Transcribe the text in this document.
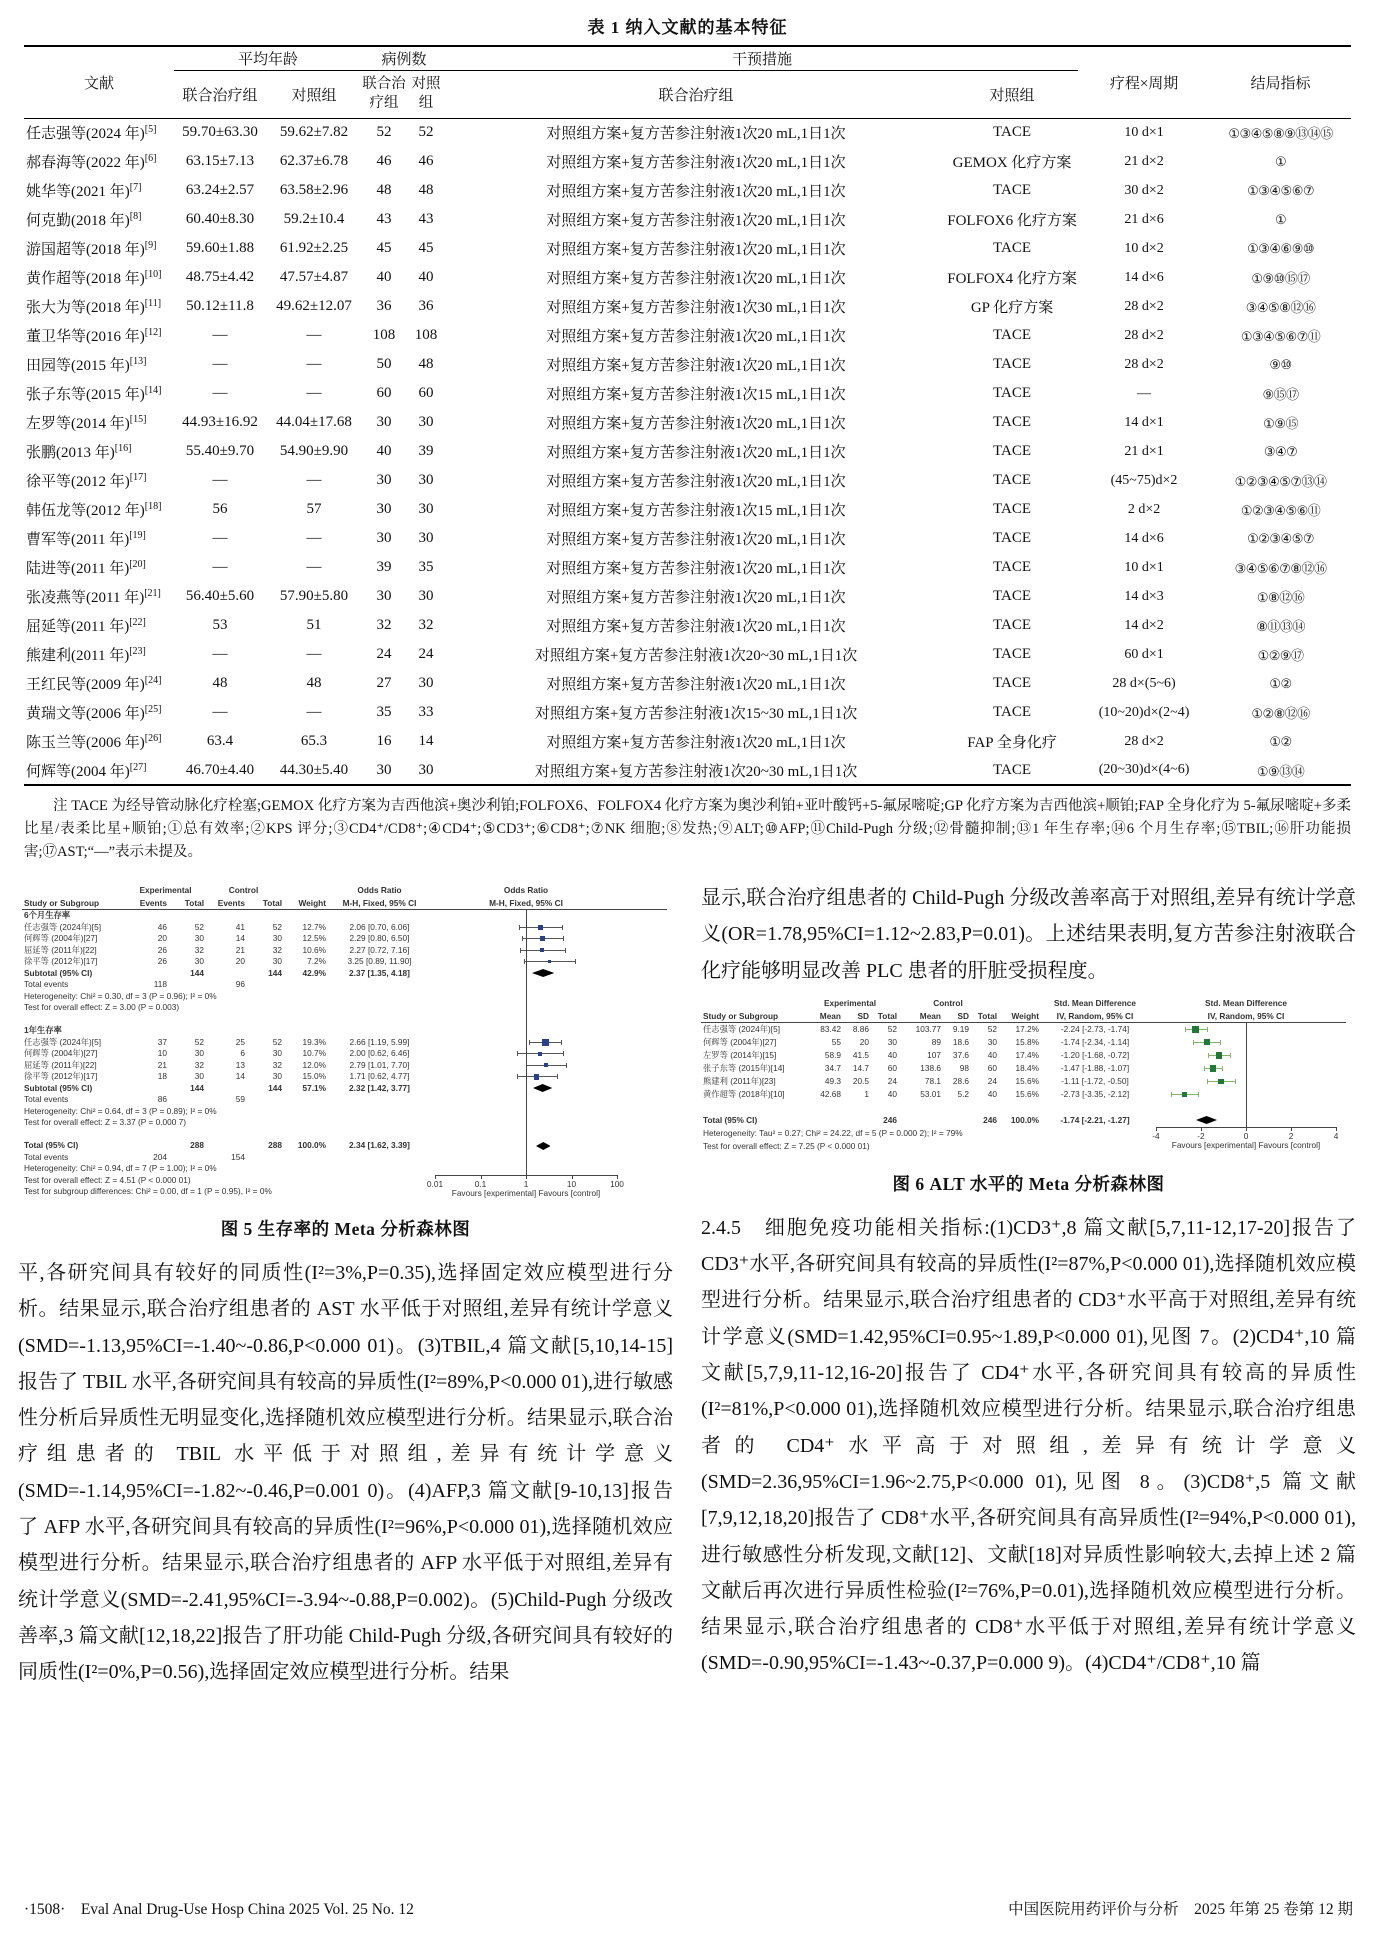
表 1 纳入文献的基本特征
文献	平均年龄		病例数		干预措施		疗程×周期	结局指标
	联合治疗组	对照组	联合治疗组	对照组	联合治疗组	对照组		
任志强等(2024 年)[5]	59.70±63.30	59.62±7.82	52	52	对照组方案+复方苦参注射液1次20 mL,1日1次	TACE	10 d×1	①③④⑤⑧⑨⑬⑭⑮
郝春海等(2022 年)[6]	63.15±7.13	62.37±6.78	46	46	对照组方案+复方苦参注射液1次20 mL,1日1次	GEMOX 化疗方案	21 d×2	①
姚华等(2021 年)[7]	63.24±2.57	63.58±2.96	48	48	对照组方案+复方苦参注射液1次20 mL,1日1次	TACE	30 d×2	①③④⑤⑥⑦
何克勤(2018 年)[8]	60.40±8.30	59.2±10.4	43	43	对照组方案+复方苦参注射液1次20 mL,1日1次	FOLFOX6 化疗方案	21 d×6	①
游国超等(2018 年)[9]	59.60±1.88	61.92±2.25	45	45	对照组方案+复方苦参注射液1次20 mL,1日1次	TACE	10 d×2	①③④⑥⑨⑩
黄作超等(2018 年)[10]	48.75±4.42	47.57±4.87	40	40	对照组方案+复方苦参注射液1次20 mL,1日1次	FOLFOX4 化疗方案	14 d×6	①⑨⑩⑮⑰
张大为等(2018 年)[11]	50.12±11.8	49.62±12.07	36	36	对照组方案+复方苦参注射液1次30 mL,1日1次	GP 化疗方案	28 d×2	③④⑤⑧⑫⑯
董卫华等(2016 年)[12]	—	—	108	108	对照组方案+复方苦参注射液1次20 mL,1日1次	TACE	28 d×2	①③④⑤⑥⑦⑪
田园等(2015 年)[13]	—	—	50	48	对照组方案+复方苦参注射液1次20 mL,1日1次	TACE	28 d×2	⑨⑩
张子东等(2015 年)[14]	—	—	60	60	对照组方案+复方苦参注射液1次15 mL,1日1次	TACE	—	⑨⑮⑰
左罗等(2014 年)[15]	44.93±16.92	44.04±17.68	30	30	对照组方案+复方苦参注射液1次20 mL,1日1次	TACE	14 d×1	①⑨⑮
张鹏(2013 年)[16]	55.40±9.70	54.90±9.90	40	39	对照组方案+复方苦参注射液1次20 mL,1日1次	TACE	21 d×1	③④⑦
徐平等(2012 年)[17]	—	—	30	30	对照组方案+复方苦参注射液1次20 mL,1日1次	TACE	(45~75)d×2	①②③④⑤⑦⑬⑭
韩伍龙等(2012 年)[18]	56	57	30	30	对照组方案+复方苦参注射液1次15 mL,1日1次	TACE	2 d×2	①②③④⑤⑥⑪
曹军等(2011 年)[19]	—	—	30	30	对照组方案+复方苦参注射液1次20 mL,1日1次	TACE	14 d×6	①②③④⑤⑦
陆进等(2011 年)[20]	—	—	39	35	对照组方案+复方苦参注射液1次20 mL,1日1次	TACE	10 d×1	③④⑤⑥⑦⑧⑫⑯
张凌燕等(2011 年)[21]	56.40±5.60	57.90±5.80	30	30	对照组方案+复方苦参注射液1次20 mL,1日1次	TACE	14 d×3	①⑧⑫⑯
屈延等(2011 年)[22]	53	51	32	32	对照组方案+复方苦参注射液1次20 mL,1日1次	TACE	14 d×2	⑧⑪⑬⑭
熊建利(2011 年)[23]	—	—	24	24	对照组方案+复方苦参注射液1次20~30 mL,1日1次	TACE	60 d×1	①②⑨⑰
王红民等(2009 年)[24]	48	48	27	30	对照组方案+复方苦参注射液1次20 mL,1日1次	TACE	28 d×(5~6)	①②
黄瑞文等(2006 年)[25]	—	—	35	33	对照组方案+复方苦参注射液1次15~30 mL,1日1次	TACE	(10~20)d×(2~4)	①②⑧⑫⑯
陈玉兰等(2006 年)[26]	63.4	65.3	16	14	对照组方案+复方苦参注射液1次20 mL,1日1次	FAP 全身化疗	28 d×2	①②
何辉等(2004 年)[27]	46.70±4.40	44.30±5.40	30	30	对照组方案+复方苦参注射液1次20~30 mL,1日1次	TACE	(20~30)d×(4~6)	①⑨⑬⑭

注 TACE 为经导管动脉化疗栓塞;GEMOX 化疗方案为吉西他滨+奥沙利铂;FOLFOX6、FOLFOX4 化疗方案为奥沙利铂+亚叶酸钙+5-氟尿嘧啶;GP 化疗方案为吉西他滨+顺铂;FAP 全身化疗为 5-氟尿嘧啶+多柔比星/表柔比星+顺铂;①总有效率;②KPS 评分;③CD4⁺/CD8⁺;④CD4⁺;⑤CD3⁺;⑥CD8⁺;⑦NK 细胞;⑧发热;⑨ALT;⑩AFP;⑪Child-Pugh 分级;⑫骨髓抑制;⑬1 年生存率;⑭6 个月生存率;⑮TBIL;⑯肝功能损害;⑰AST;“—”表示未提及。

Experimental	Control	Odds Ratio	Odds Ratio
Study or Subgroup	Events	Total	Events	Total	Weight	M-H, Fixed, 95% CI	M-H, Fixed, 95% CI
6个月生存率
任志强等 (2024年)[5]	46	52	41	52	12.7%	2.06 [0.70, 6.06]
何辉等 (2004年)[27]	20	30	14	30	12.5%	2.29 [0.80, 6.50]
屈延等 (2011年)[22]	26	32	21	32	10.6%	2.27 [0.72, 7.16]
徐平等 (2012年)[17]	26	30	20	30	7.2%	3.25 [0.89, 11.90]
Subtotal (95% CI)	144	144	42.9%	2.37 [1.35, 4.18]
Total events	118	96
Heterogeneity: Chi² = 0.30, df = 3 (P = 0.96); I² = 0%
Test for overall effect: Z = 3.00 (P = 0.003)
1年生存率
任志强等 (2024年)[5]	37	52	25	52	19.3%	2.66 [1.19, 5.99]
何辉等 (2004年)[27]	10	30	6	30	10.7%	2.00 [0.62, 6.46]
屈延等 (2011年)[22]	21	32	13	32	12.0%	2.79 [1.01, 7.70]
徐平等 (2012年)[17]	18	30	14	30	15.0%	1.71 [0.62, 4.77]
Subtotal (95% CI)	144	144	57.1%	2.32 [1.42, 3.77]
Total events	86	59
Heterogeneity: Chi² = 0.64, df = 3 (P = 0.89); I² = 0%
Test for overall effect: Z = 3.37 (P = 0.000 7)
Total (95% CI)	288	288	100.0%	2.34 [1.62, 3.39]
Total events	204	154
Heterogeneity: Chi² = 0.94, df = 7 (P = 1.00); I² = 0%
Test for overall effect: Z = 4.51 (P < 0.000 01)
Test for subgroup differences: Chi² = 0.00, df = 1 (P = 0.95), I² = 0%
0.01	0.1	1	10	100
Favours [experimental] Favours [control]
图 5 生存率的 Meta 分析森林图

平,各研究间具有较好的同质性(I²=3%,P=0.35),选择固定效应模型进行分析。结果显示,联合治疗组患者的 AST 水平低于对照组,差异有统计学意义(SMD=-1.13,95%CI=-1.40~-0.86,P<0.000 01)。(3)TBIL,4 篇文献[5,10,14-15]报告了 TBIL 水平,各研究间具有较高的异质性(I²=89%,P<0.000 01),进行敏感性分析后异质性无明显变化,选择随机效应模型进行分析。结果显示,联合治疗组患者的 TBIL 水平低于对照组,差异有统计学意义(SMD=-1.14,95%CI=-1.82~-0.46,P=0.001 0)。(4)AFP,3 篇文献[9-10,13]报告了 AFP 水平,各研究间具有较高的异质性(I²=96%,P<0.000 01),选择随机效应模型进行分析。结果显示,联合治疗组患者的 AFP 水平低于对照组,差异有统计学意义(SMD=-2.41,95%CI=-3.94~-0.88,P=0.002)。(5)Child-Pugh 分级改善率,3 篇文献[12,18,22]报告了肝功能 Child-Pugh 分级,各研究间具有较好的同质性(I²=0%,P=0.56),选择固定效应模型进行分析。结果

显示,联合治疗组患者的 Child-Pugh 分级改善率高于对照组,差异有统计学意义(OR=1.78,95%CI=1.12~2.83,P=0.01)。上述结果表明,复方苦参注射液联合化疗能够明显改善 PLC 患者的肝脏受损程度。

Experimental	Control	Std. Mean Difference	Std. Mean Difference
Study or Subgroup	Mean	SD	Total	Mean	SD	Total	Weight	IV, Random, 95% CI	IV, Random, 95% CI
任志强等 (2024年)[5]	83.42	8.86	52	103.77	9.19	52	17.2%	-2.24 [-2.73, -1.74]
何辉等 (2004年)[27]	55	20	30	89	18.6	30	15.8%	-1.74 [-2.34, -1.14]
左罗等 (2014年)[15]	58.9	41.5	40	107	37.6	40	17.4%	-1.20 [-1.68, -0.72]
张子东等 (2015年)[14]	34.7	14.7	60	138.6	98	60	18.4%	-1.47 [-1.88, -1.07]
熊建利 (2011年)[23]	49.3	20.5	24	78.1	28.6	24	15.6%	-1.11 [-1.72, -0.50]
黄作超等 (2018年)[10]	42.68	1	40	53.01	5.2	40	15.6%	-2.73 [-3.35, -2.12]
Total (95% CI)	246	246	100.0%	-1.74 [-2.21, -1.27]
Heterogeneity: Tau² = 0.27; Chi² = 24.22, df = 5 (P = 0.000 2); I² = 79%
Test for overall effect: Z = 7.25 (P < 0.000 01)
-4	-2	0	2	4
Favours [experimental] Favours [control]
图 6 ALT 水平的 Meta 分析森林图

2.4.5　细胞免疫功能相关指标:(1)CD3⁺,8 篇文献[5,7,11-12,17-20]报告了 CD3⁺水平,各研究间具有较高的异质性(I²=87%,P<0.000 01),选择随机效应模型进行分析。结果显示,联合治疗组患者的 CD3⁺水平高于对照组,差异有统计学意义(SMD=1.42,95%CI=0.95~1.89,P<0.000 01),见图 7。(2)CD4⁺,10 篇文献[5,7,9,11-12,16-20]报告了 CD4⁺水平,各研究间具有较高的异质性(I²=81%,P<0.000 01),选择随机效应模型进行分析。结果显示,联合治疗组患者的 CD4⁺水平高于对照组,差异有统计学意义(SMD=2.36,95%CI=1.96~2.75,P<0.000 01),见图 8。(3)CD8⁺,5 篇文献[7,9,12,18,20]报告了 CD8⁺水平,各研究间具有高异质性(I²=94%,P<0.000 01),进行敏感性分析发现,文献[12]、文献[18]对异质性影响较大,去掉上述 2 篇文献后再次进行异质性检验(I²=76%,P=0.01),选择随机效应模型进行分析。结果显示,联合治疗组患者的 CD8⁺水平低于对照组,差异有统计学意义(SMD=-0.90,95%CI=-1.43~-0.37,P=0.000 9)。(4)CD4⁺/CD8⁺,10 篇

·1508·　Eval Anal Drug-Use Hosp China 2025 Vol. 25 No. 12	中国医院用药评价与分析　2025 年第 25 卷第 12 期
